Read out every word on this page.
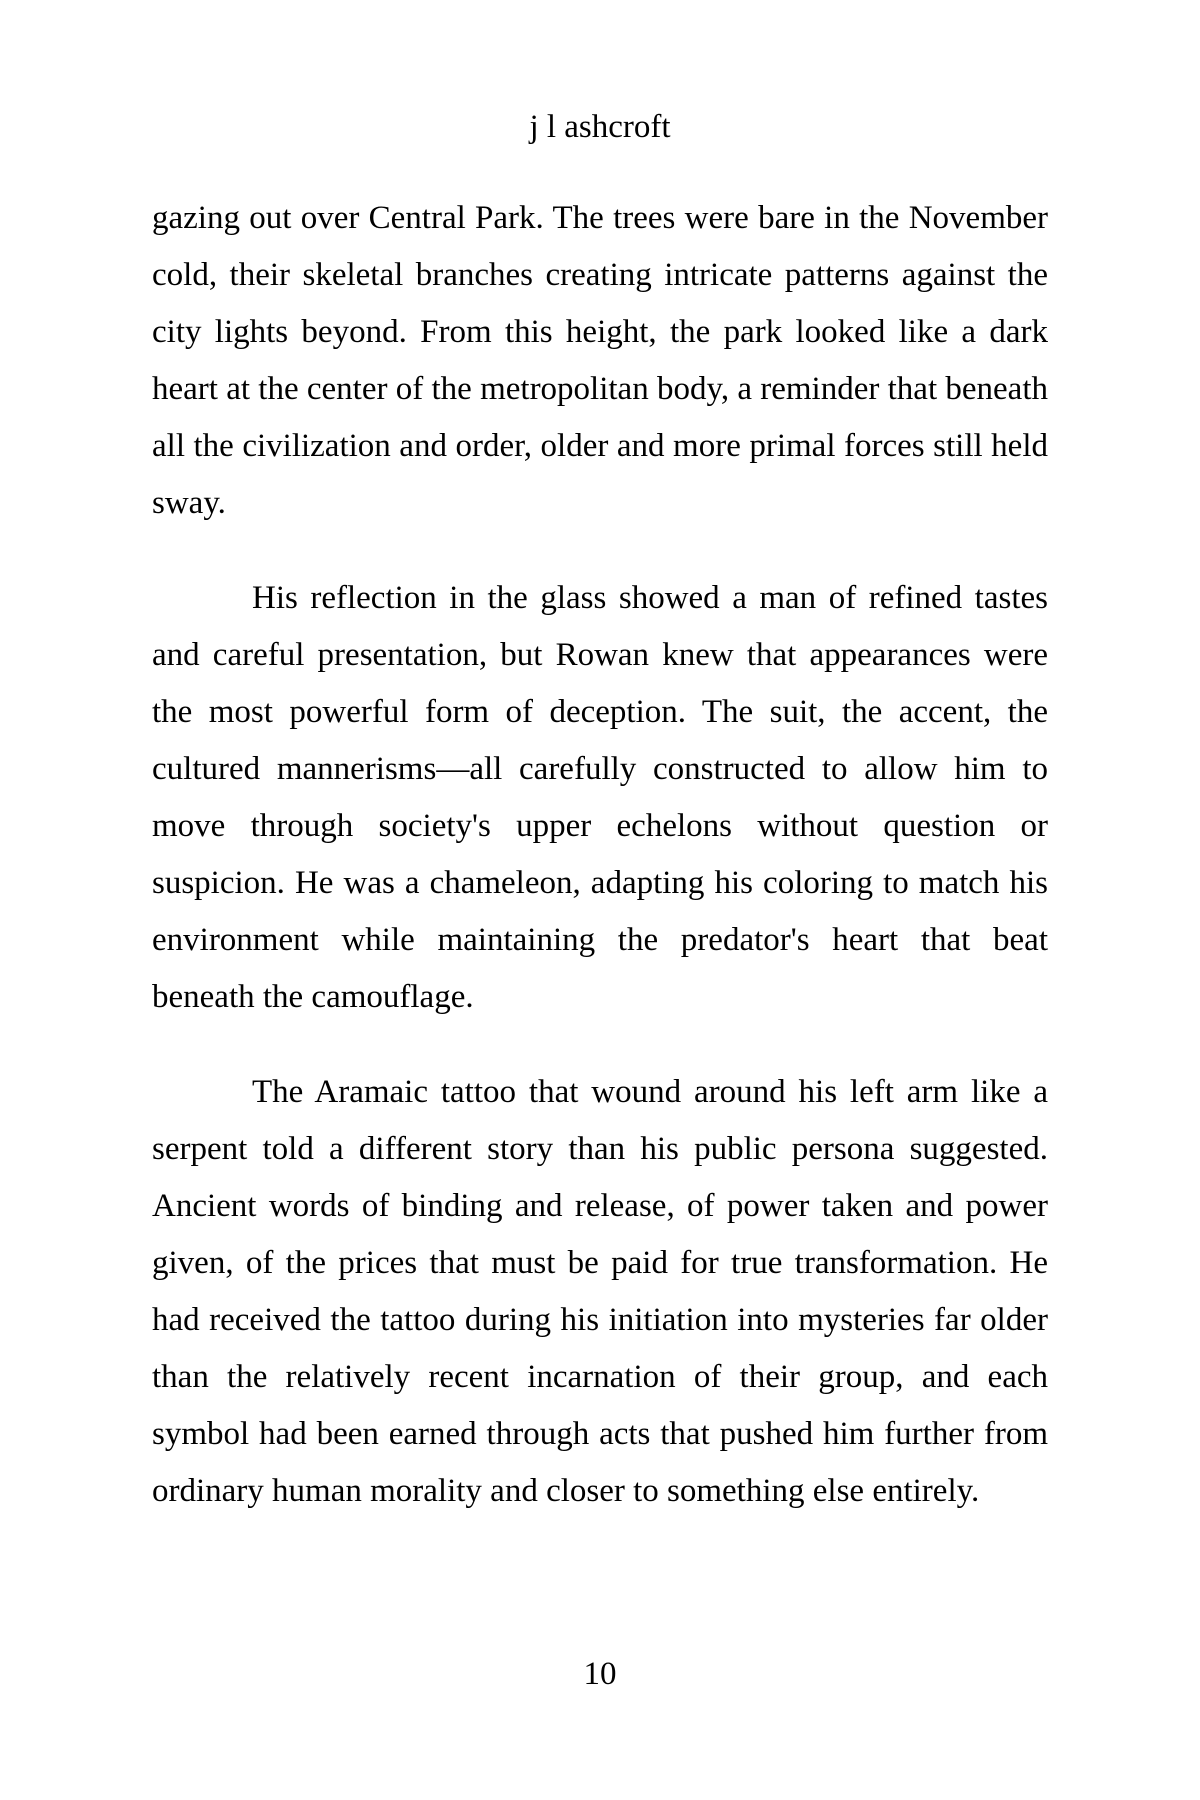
j l ashcroft

gazing out over Central Park. The trees were bare in the November cold, their skeletal branches creating intricate patterns against the city lights beyond. From this height, the park looked like a dark heart at the center of the metropolitan body, a reminder that beneath all the civilization and order, older and more primal forces still held sway.

His reflection in the glass showed a man of refined tastes and careful presentation, but Rowan knew that appearances were the most powerful form of deception. The suit, the accent, the cultured mannerisms—all carefully constructed to allow him to move through society's upper echelons without question or suspicion. He was a chameleon, adapting his coloring to match his environment while maintaining the predator's heart that beat beneath the camouflage.

The Aramaic tattoo that wound around his left arm like a serpent told a different story than his public persona suggested. Ancient words of binding and release, of power taken and power given, of the prices that must be paid for true transformation. He had received the tattoo during his initiation into mysteries far older than the relatively recent incarnation of their group, and each symbol had been earned through acts that pushed him further from ordinary human morality and closer to something else entirely.

10
